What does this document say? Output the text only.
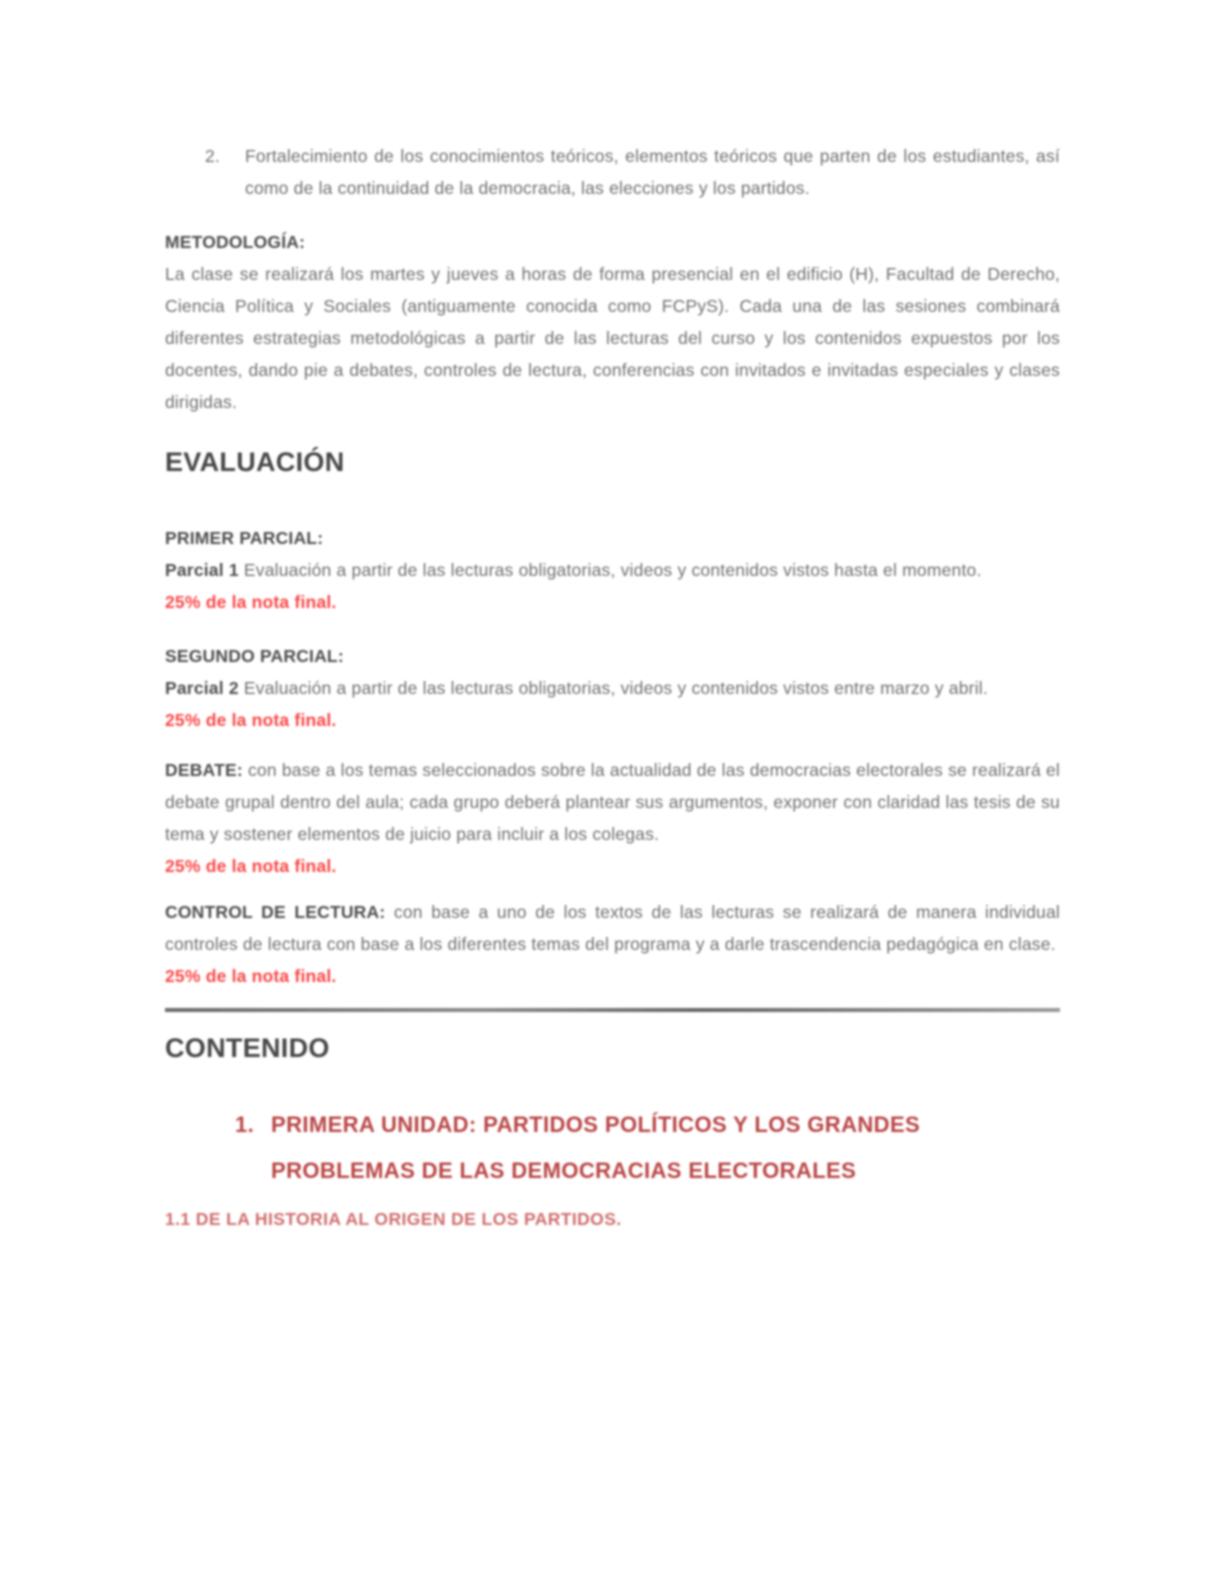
2.	Fortalecimiento de los conocimientos teóricos, elementos teóricos que parten de los estudiantes, así como de la continuidad de la democracia, las elecciones y los partidos.
METODOLOGÍA:

La clase se realizará los martes y jueves a horas de forma presencial en el edificio (H), Facultad de Derecho, Ciencia Política y Sociales (antiguamente conocida como FCPyS). Cada una de las sesiones combinará diferentes estrategias metodológicas a partir de las lecturas del curso y los contenidos expuestos por los docentes, dando pie a debates, controles de lectura, conferencias con invitados e invitadas especiales y clases dirigidas.

EVALUACIÓN
PRIMER PARCIAL:

Parcial 1 Evaluación a partir de las lecturas obligatorias, videos y contenidos vistos hasta el momento.

25% de la nota final.
SEGUNDO PARCIAL:

Parcial 2 Evaluación a partir de las lecturas obligatorias, videos y contenidos vistos entre marzo y abril.

25% de la nota final.

DEBATE: con base a los temas seleccionados sobre la actualidad de las democracias electorales se realizará el debate grupal dentro del aula; cada grupo deberá plantear sus argumentos, exponer con claridad las tesis de su tema y sostener elementos de juicio para incluir a los colegas.

25% de la nota final.

CONTROL DE LECTURA: con base a uno de los textos de las lecturas se realizará de manera individual controles de lectura con base a los diferentes temas del programa y a darle trascendencia pedagógica en clase.

25% de la nota final.
CONTENIDO
1. PRIMERA UNIDAD: PARTIDOS POLÍTICOS Y LOS GRANDES PROBLEMAS DE LAS DEMOCRACIAS ELECTORALES
1.1 DE LA HISTORIA AL ORIGEN DE LOS PARTIDOS.
